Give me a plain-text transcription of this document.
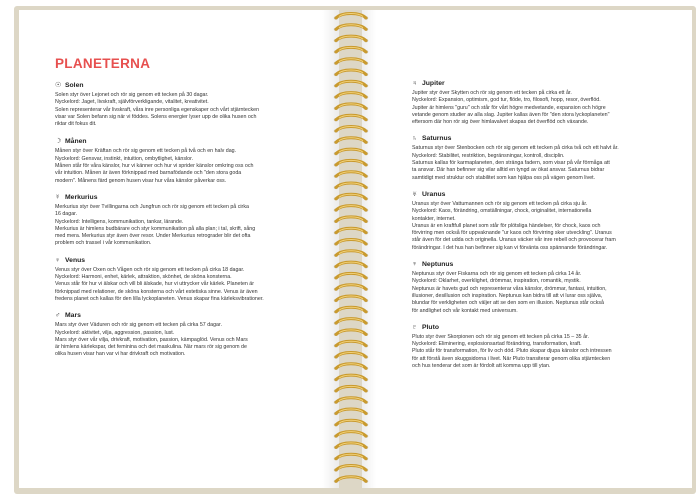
PLANETERNA
☉ Solen

Solen styr över Lejonet och rör sig genom ett tecken på 30 dagar.

Nyckelord: Jaget, livskraft, självförverkligande, vitalitet, kreativitet.

Solen representerar vår livskraft, våra inre personliga egenskaper och vårt stjärntecken

visar var Solen befann sig när vi föddes. Solens energier lyser upp de olika husen och

riktar dit fokus dit.

☽ Månen

Månen styr över Kräftan och rör sig genom ett tecken på två och en halv dag.

Nyckelord: Gensvar, instinkt, intuition, ombytlighet, känslor.

Månen står för våra känslor, hur vi känner och hur vi sprider känslor omkring oss och

vår intuition. Månen är även förknippad med barnafödande och "den stora goda

modern". Månens färd genom husen visar hur våra känslor påverkar oss.

☿ Merkurius

Merkurius styr över Tvillingarna och Jungfrun och rör sig genom ett tecken på cirka

16 dagar.

Nyckelord: Intelligens, kommunikation, tankar, lärande.

Merkurius är himlens budbärare och styr kommunikation på alla plan; i tal, skrift, sång

med mera. Merkurius styr även över resor. Under Merkurius retrograder blir det ofta

problem och trassel i vår kommunikation.

♀ Venus

Venus styr över Oxen och Vågen och rör sig genom ett tecken på cirka 18 dagar.

Nyckelord: Harmoni, enhet, kärlek, attraktion, skönhet, de sköna konsterna.

Venus står för hur vi älskar och vill bli älskade, hur vi uttrycker vår kärlek. Planeten är

förknippad med relationer, de sköna konsterna och vårt estetiska sinne. Venus är även

fredens planet och kallas för den lilla lyckoplaneten. Venus skapar fina kärleksvibrationer.

♂ Mars

Mars styr över Väduren och rör sig genom ett tecken på cirka 57 dagar.

Nyckelord: aktivitet, vilja, aggression, passion, lust.

Mars styr över vår vilja, drivkraft, motivation, passion, kämpaglöd. Venus och Mars

är himlens kärlekspar, det feminina och det maskulina. När mars rör sig genom de

olika husen visar han var vi har drivkraft och motivation.

♃ Jupiter

Jupiter styr över Skytten och rör sig genom ett tecken på cirka ett år.

Nyckelord: Expansion, optimism, god tur, flöde, tro, filosofi, hopp, resor, överflöd.

Jupiter är himlens "guru" och står för vårt högre medvetande, expansion och högre

vetande genom studier av alla slag. Jupiter kallas även för "den stora lyckoplaneten"

eftersom där hon rör sig över himlavalvet skapas det överflöd och växande.

♄ Saturnus

Saturnus styr över Stenbocken och rör sig genom ett tecken på cirka två och ett halvt år.

Nyckelord: Stabilitet, restriktion, begränsningar, kontroll, disciplin.

Saturnus kallas för karmaplaneten, den stränga fadern, som visar på vår förmåga att

ta ansvar. Där han befinner sig vilar alltid en tyngd av ökat ansvar. Saturnus bidrar

samtidigt med struktur och stabilitet som kan hjälpa oss på vägen genom livet.

♅ Uranus

Uranus styr över Vattumannen och rör sig genom ett tecken på cirka sju år.

Nyckelord: Kaos, förändring, omställningar, chock, originalitet, internationella

kontakter, internet.

Uranus är en kraftfull planet som står för plötsliga händelser, för chock, kaos och

förvirring men också för uppvaknande "ur kaos och förvirring sker utveckling". Uranus

står även för det udda och originella. Uranus väcker vår inre rebell och provocerar fram

förändringar. I det hus han befinner sig kan vi förvänta oss spännande förändringar.

♆ Neptunus

Neptunus styr över Fiskarna och rör sig genom ett tecken på cirka 14 år.

Nyckelord: Oklarhet, overklighet, drömmar, inspiration, romantik, mystik.

Neptunus är havets gud och representerar våra känslor, drömmar, fantasi, intuition,

illusioner, desillusion och inspiration. Neptunus kan bidra till att vi lurar oss själva,

blundar för verkligheten och väljer att se den som en illusion. Neptunus står också

för andlighet och vår kontakt med universum.

♇ Pluto

Pluto styr över Skorpionen och rör sig genom ett tecken på cirka 15 – 35 år.

Nyckelord: Eliminering, explosionsartad förändring, transformation, kraft.

Pluto står för transformation, för liv och död. Pluto skapar djupa känslor och intressen

för att förstå även skuggsidorna i livet. När Pluto transiterar genom olika stjärntecken

och hus tenderar det som är fördolt att komma upp till ytan.
